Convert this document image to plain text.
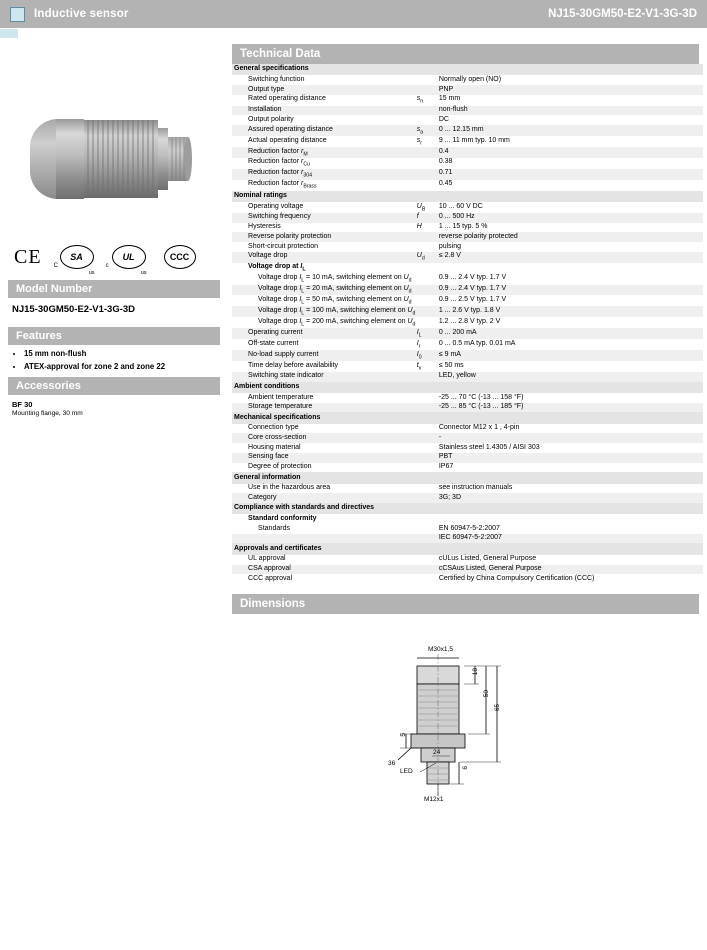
Inductive sensor	NJ15-30GM50-E2-V1-3G-3D
CE C
SA
us
c
UL
us
CCC
Model Number
NJ15-30GM50-E2-V1-3G-3D
Features
• 15 mm non-flush
• ATEX-approval for zone 2 and zone 22
Accessories
BF 30
Mounting flange, 30 mm
Technical Data
General specifications			
	Switching function		Normally open (NO)
	Output type		PNP
	Rated operating distance	$s_n$	15 mm
	Installation		non-flush
	Output polarity		DC
	Assured operating distance	$s_a$	0 ... 12.15 mm
	Actual operating distance	$s_r$	9 ... 11 mm typ. 10 mm
	Reduction factor $r_M$		0.4
	Reduction factor $r_{Cu}$		0.38
	Reduction factor $r_{304}$		0.71
	Reduction factor $r_{Brass}$		0.45
Nominal ratings			
	Operating voltage	$U_B$	10 ... 60 V DC
	Switching frequency	f	0 ... 500 Hz
	Hysteresis	H	1 ... 15 typ. 5 %
	Reverse polarity protection		reverse polarity protected
	Short-circuit protection		pulsing
	Voltage drop	$U_d$	≤ 2.8 V
	Voltage drop at $I_L$
	Voltage drop $I_L = 10$ mA, switching element on $U_d$		0.9 ... 2.4 V typ. 1.7 V
	Voltage drop $I_L = 20$ mA, switching element on $U_d$		0.9 ... 2.4 V typ. 1.7 V
	Voltage drop $I_L = 50$ mA, switching element on $U_d$		0.9 ... 2.5 V typ. 1.7 V
	Voltage drop $I_L = 100$ mA, switching element on $U_d$		1 ... 2.6 V typ. 1.8 V
	Voltage drop $I_L = 200$ mA, switching element on $U_d$		1.2 ... 2.8 V typ. 2 V
	Operating current	$I_L$	0 ... 200 mA
	Off-state current	$I_r$	0 ... 0.5 mA typ. 0.01 mA
	No-load supply current	$I_0$	≤ 9 mA
	Time delay before availability	$t_v$	≤ 50 ms
	Switching state indicator		LED, yellow
Ambient conditions			
	Ambient temperature		-25 ... 70 °C (-13 ... 158 °F)
	Storage temperature		-25 ... 85 °C (-13 ... 185 °F)
Mechanical specifications			
	Connection type		Connector M12 x 1 , 4-pin
	Core cross-section		-
	Housing material		Stainless steel 1.4305 / AISI 303
	Sensing face		PBT
	Degree of protection		IP67
General information			
	Use in the hazardous area		see instruction manuals
	Category		3G; 3D
Compliance with standards and directives			
	Standard conformity		
	Standards		EN 60947-5-2:2007
			IEC 60947-5-2:2007
Approvals and certificates			
	UL approval		cULus Listed, General Purpose
	CSA approval		cCSAus Listed, General Purpose
	CCC approval		Certified by China Compulsory Certification (CCC)
Dimensions
M30x1,5
18
50
65
5
36
24
6
LED
M12x1
